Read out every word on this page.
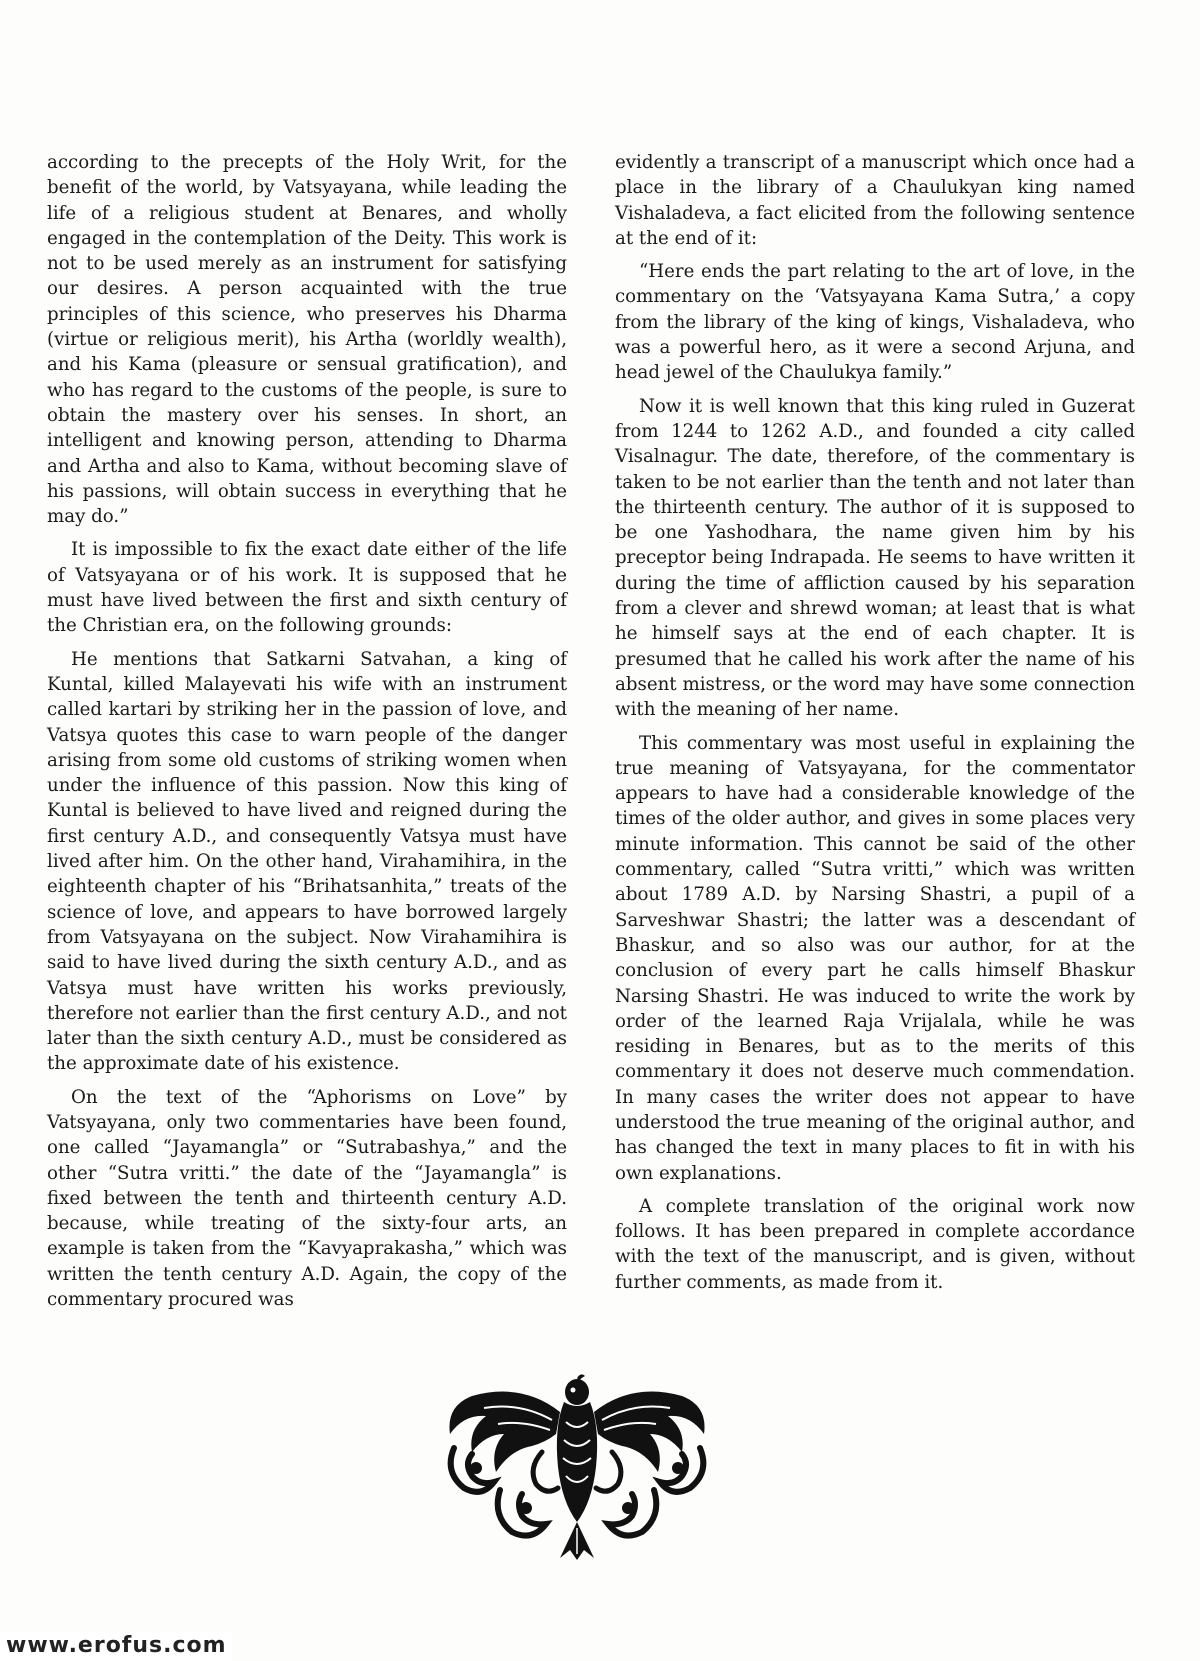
according to the precepts of the Holy Writ, for the benefit of the world, by Vatsyayana, while leading the life of a religious student at Benares, and wholly engaged in the contemplation of the Deity. This work is not to be used merely as an instrument for satisfying our desires. A person acquainted with the true principles of this science, who preserves his Dharma (virtue or religious merit), his Artha (worldly wealth), and his Kama (pleasure or sensual gratification), and who has regard to the customs of the people, is sure to obtain the mastery over his senses. In short, an intelligent and knowing person, attending to Dharma and Artha and also to Kama, without becoming slave of his passions, will obtain success in everything that he may do.”

It is impossible to fix the exact date either of the life of Vatsyayana or of his work. It is supposed that he must have lived between the first and sixth century of the Christian era, on the following grounds:

He mentions that Satkarni Satvahan, a king of Kuntal, killed Malayevati his wife with an instrument called kartari by striking her in the passion of love, and Vatsya quotes this case to warn people of the danger arising from some old customs of striking women when under the influence of this passion. Now this king of Kuntal is believed to have lived and reigned during the first century A.D., and consequently Vatsya must have lived after him. On the other hand, Virahamihira, in the eighteenth chapter of his “Brihatsanhita,” treats of the science of love, and appears to have borrowed largely from Vatsyayana on the subject. Now Virahamihira is said to have lived during the sixth century A.D., and as Vatsya must have written his works previously, therefore not earlier than the first century A.D., and not later than the sixth century A.D., must be considered as the approximate date of his existence.

On the text of the “Aphorisms on Love” by Vatsyayana, only two commentaries have been found, one called “Jayamangla” or “Sutrabashya,” and the other “Sutra vritti.” the date of the “Jayamangla” is fixed between the tenth and thirteenth century A.D. because, while treating of the sixty-four arts, an example is taken from the “Kavyaprakasha,” which was written the tenth century A.D. Again, the copy of the commentary procured was

evidently a transcript of a manuscript which once had a place in the library of a Chaulukyan king named Vishaladeva, a fact elicited from the following sentence at the end of it:

“Here ends the part relating to the art of love, in the commentary on the ‘Vatsyayana Kama Sutra,’ a copy from the library of the king of kings, Vishaladeva, who was a powerful hero, as it were a second Arjuna, and head jewel of the Chaulukya family.”

Now it is well known that this king ruled in Guzerat from 1244 to 1262 A.D., and founded a city called Visalnagur. The date, therefore, of the commentary is taken to be not earlier than the tenth and not later than the thirteenth century. The author of it is supposed to be one Yashodhara, the name given him by his preceptor being Indrapada. He seems to have written it during the time of affliction caused by his separation from a clever and shrewd woman; at least that is what he himself says at the end of each chapter. It is presumed that he called his work after the name of his absent mistress, or the word may have some connection with the meaning of her name.

This commentary was most useful in explaining the true meaning of Vatsyayana, for the commentator appears to have had a considerable knowledge of the times of the older author, and gives in some places very minute information. This cannot be said of the other commentary, called “Sutra vritti,” which was written about 1789 A.D. by Narsing Shastri, a pupil of a Sarveshwar Shastri; the latter was a descendant of Bhaskur, and so also was our author, for at the conclusion of every part he calls himself Bhaskur Narsing Shastri. He was induced to write the work by order of the learned Raja Vrijalala, while he was residing in Benares, but as to the merits of this commentary it does not deserve much commendation. In many cases the writer does not appear to have understood the true meaning of the original author, and has changed the text in many places to fit in with his own explanations.

A complete translation of the original work now follows. It has been prepared in complete accordance with the text of the manuscript, and is given, without further comments, as made from it.

www.erofus.com
